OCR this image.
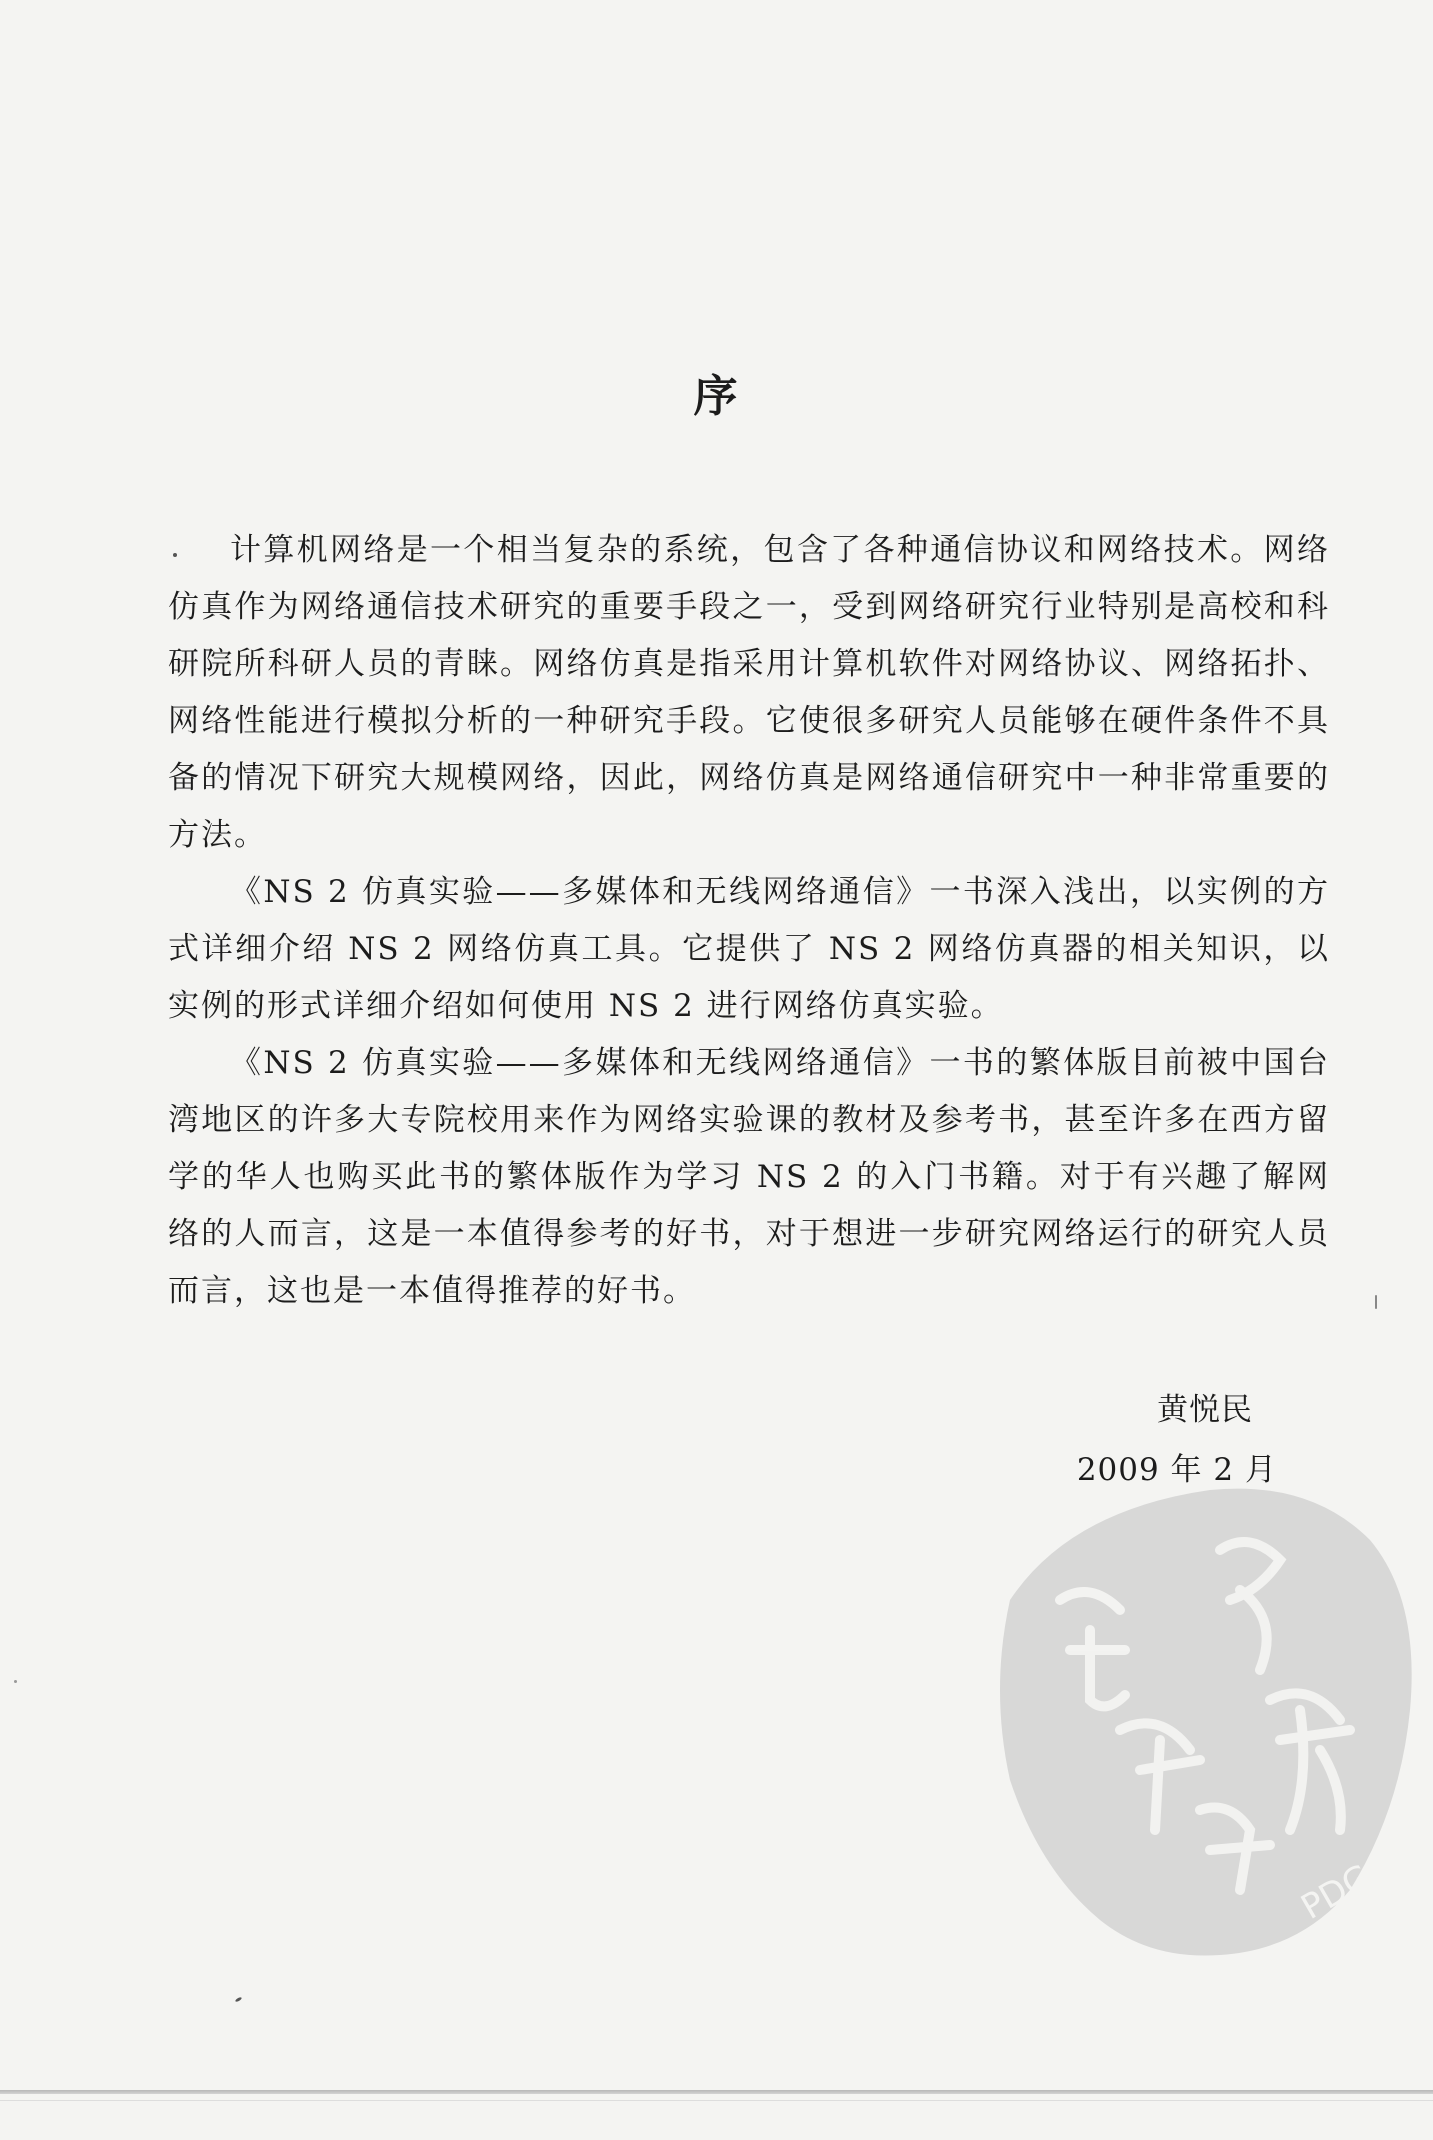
序

计算机网络是一个相当复杂的系统，包含了各种通信协议和网络技术。网络仿真作为网络通信技术研究的重要手段之一，受到网络研究行业特别是高校和科研院所科研人员的青睐。网络仿真是指采用计算机软件对网络协议、网络拓扑、网络性能进行模拟分析的一种研究手段。它使很多研究人员能够在硬件条件不具备的情况下研究大规模网络，因此，网络仿真是网络通信研究中一种非常重要的方法。

《NS 2 仿真实验——多媒体和无线网络通信》一书深入浅出，以实例的方式详细介绍 NS 2 网络仿真工具。它提供了 NS 2 网络仿真器的相关知识，以实例的形式详细介绍如何使用 NS 2 进行网络仿真实验。

《NS 2 仿真实验——多媒体和无线网络通信》一书的繁体版目前被中国台湾地区的许多大专院校用来作为网络实验课的教材及参考书，甚至许多在西方留学的华人也购买此书的繁体版作为学习 NS 2 的入门书籍。对于有兴趣了解网络的人而言，这是一本值得参考的好书，对于想进一步研究网络运行的研究人员而言，这也是一本值得推荐的好书。

黄悦民
2009 年 2 月
PDG
